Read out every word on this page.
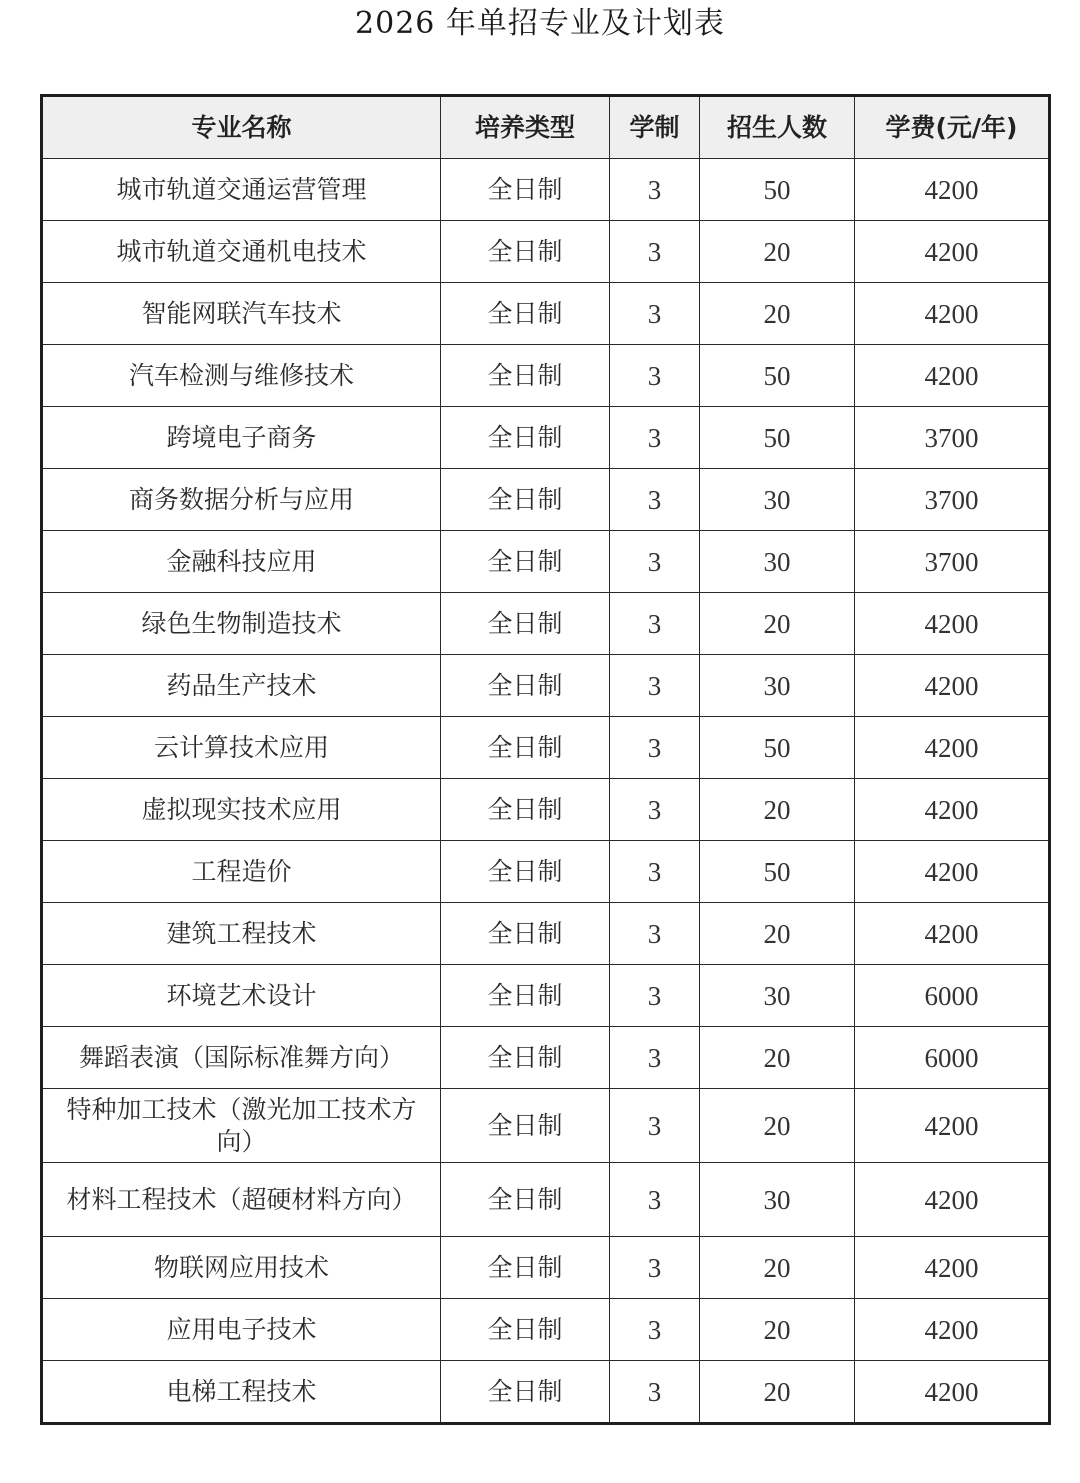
2026 年单招专业及计划表
专业名称	培养类型	学制	招生人数	学费(元/年)
城市轨道交通运营管理	全日制	3	50	4200
城市轨道交通机电技术	全日制	3	20	4200
智能网联汽车技术	全日制	3	20	4200
汽车检测与维修技术	全日制	3	50	4200
跨境电子商务	全日制	3	50	3700
商务数据分析与应用	全日制	3	30	3700
金融科技应用	全日制	3	30	3700
绿色生物制造技术	全日制	3	20	4200
药品生产技术	全日制	3	30	4200
云计算技术应用	全日制	3	50	4200
虚拟现实技术应用	全日制	3	20	4200
工程造价	全日制	3	50	4200
建筑工程技术	全日制	3	20	4200
环境艺术设计	全日制	3	30	6000
舞蹈表演（国际标准舞方向）	全日制	3	20	6000
特种加工技术（激光加工技术方向）	全日制	3	20	4200
材料工程技术（超硬材料方向）	全日制	3	30	4200
物联网应用技术	全日制	3	20	4200
应用电子技术	全日制	3	20	4200
电梯工程技术	全日制	3	20	4200
